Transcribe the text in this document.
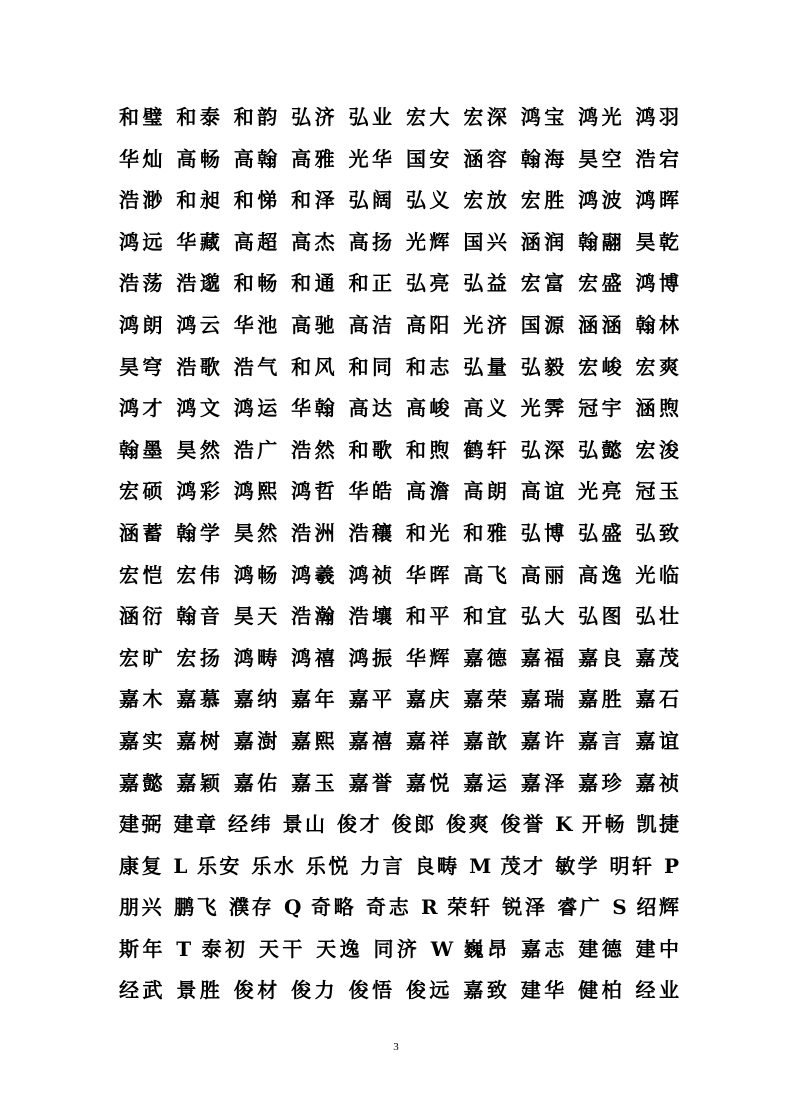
和璧 和泰 和韵 弘济 弘业 宏大 宏深 鸿宝 鸿光 鸿羽
华灿 高畅 高翰 高雅 光华 国安 涵容 翰海 昊空 浩宕
浩渺 和昶 和悌 和泽 弘阔 弘义 宏放 宏胜 鸿波 鸿晖
鸿远 华藏 高超 高杰 高扬 光辉 国兴 涵润 翰翮 昊乾
浩荡 浩邈 和畅 和通 和正 弘亮 弘益 宏富 宏盛 鸿博
鸿朗 鸿云 华池 高驰 高洁 高阳 光济 国源 涵涵 翰林
昊穹 浩歌 浩气 和风 和同 和志 弘量 弘毅 宏峻 宏爽
鸿才 鸿文 鸿运 华翰 高达 高峻 高义 光霁 冠宇 涵煦
翰墨 昊然 浩广 浩然 和歌 和煦 鹤轩 弘深 弘懿 宏浚
宏硕 鸿彩 鸿熙 鸿哲 华皓 高澹 高朗 高谊 光亮 冠玉
涵蓄 翰学 昊然 浩洲 浩穰 和光 和雅 弘博 弘盛 弘致
宏恺 宏伟 鸿畅 鸿羲 鸿祯 华晖 高飞 高丽 高逸 光临
涵衍 翰音 昊天 浩瀚 浩壤 和平 和宜 弘大 弘图 弘壮
宏旷 宏扬 鸿畴 鸿禧 鸿振 华辉 嘉德 嘉福 嘉良 嘉茂
嘉木 嘉慕 嘉纳 嘉年 嘉平 嘉庆 嘉荣 嘉瑞 嘉胜 嘉石
嘉实 嘉树 嘉澍 嘉熙 嘉禧 嘉祥 嘉歆 嘉许 嘉言 嘉谊
嘉懿 嘉颖 嘉佑 嘉玉 嘉誉 嘉悦 嘉运 嘉泽 嘉珍 嘉祯
建弼 建章 经纬 景山 俊才 俊郎 俊爽 俊誉 K 开畅 凯捷
康复 L 乐安 乐水 乐悦 力言 良畴 M 茂才 敏学 明轩 P
朋兴 鹏飞 濮存 Q 奇略 奇志 R 荣轩 锐泽 睿广 S 绍辉
斯年 T 泰初 天干 天逸 同济 W 巍昂 嘉志 建德 建中
经武 景胜 俊材 俊力 俊悟 俊远 嘉致 建华 健柏 经业
3
